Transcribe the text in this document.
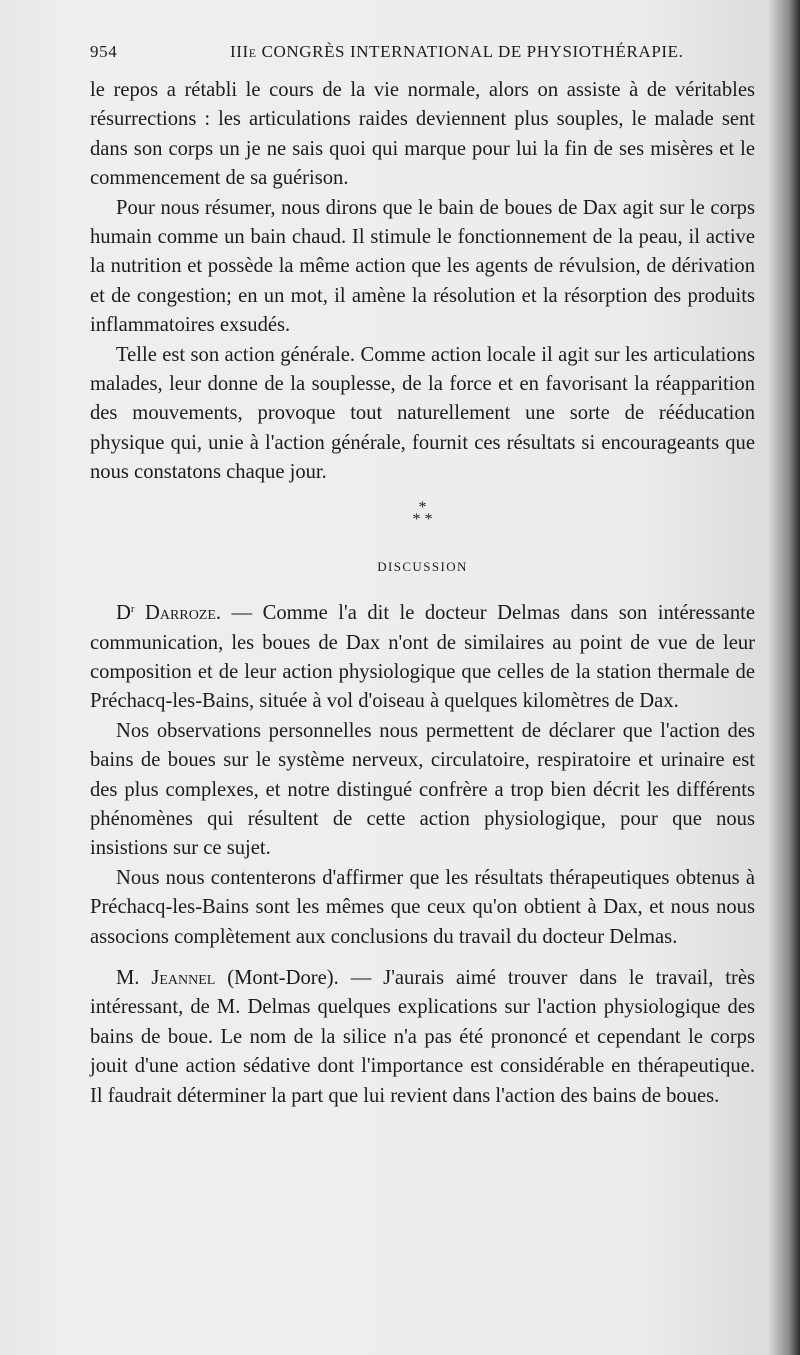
954	IIIe CONGRÈS INTERNATIONAL DE PHYSIOTHÉRAPIE.

le repos a rétabli le cours de la vie normale, alors on assiste à de véritables résurrections : les articulations raides deviennent plus souples, le malade sent dans son corps un je ne sais quoi qui marque pour lui la fin de ses misères et le commencement de sa guérison.

Pour nous résumer, nous dirons que le bain de boues de Dax agit sur le corps humain comme un bain chaud. Il stimule le fonctionnement de la peau, il active la nutrition et possède la même action que les agents de révulsion, de dérivation et de congestion; en un mot, il amène la résolution et la résorption des produits inflammatoires exsudés.

Telle est son action générale. Comme action locale il agit sur les articulations malades, leur donne de la souplesse, de la force et en favorisant la réapparition des mouvements, provoque tout naturellement une sorte de rééducation physique qui, unie à l'action générale, fournit ces résultats si encourageants que nous constatons chaque jour.

*
* *
DISCUSSION

$D^r$ Darroze. — Comme l'a dit le docteur Delmas dans son intéressante communication, les boues de Dax n'ont de similaires au point de vue de leur composition et de leur action physiologique que celles de la station thermale de Préchacq-les-Bains, située à vol d'oiseau à quelques kilomètres de Dax.

Nos observations personnelles nous permettent de déclarer que l'action des bains de boues sur le système nerveux, circulatoire, respiratoire et urinaire est des plus complexes, et notre distingué confrère a trop bien décrit les différents phénomènes qui résultent de cette action physiologique, pour que nous insistions sur ce sujet.

Nous nous contenterons d'affirmer que les résultats thérapeutiques obtenus à Préchacq-les-Bains sont les mêmes que ceux qu'on obtient à Dax, et nous nous associons complètement aux conclusions du travail du docteur Delmas.

M. Jeannel (Mont-Dore). — J'aurais aimé trouver dans le travail, très intéressant, de M. Delmas quelques explications sur l'action physiologique des bains de boue. Le nom de la silice n'a pas été prononcé et cependant le corps jouit d'une action sédative dont l'importance est considérable en thérapeutique. Il faudrait déterminer la part que lui revient dans l'action des bains de boues.
